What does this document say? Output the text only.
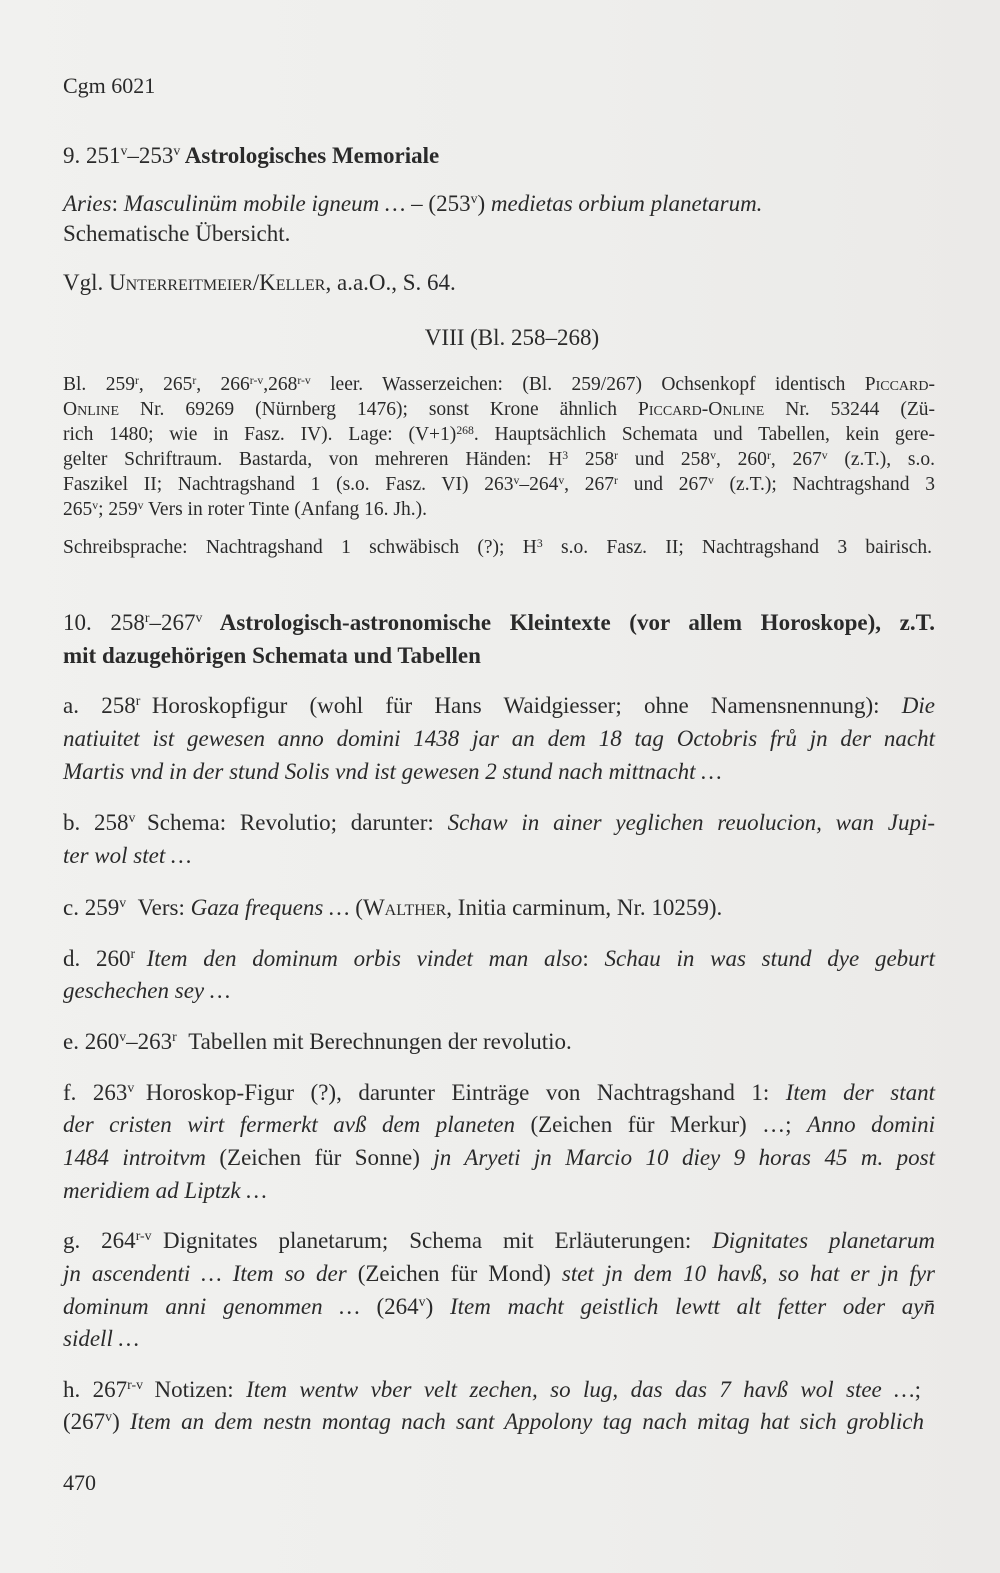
Cgm 6021
9. 251$^v$–253$^v$ Astrologisches Memoriale
Aries: Masculinüm mobile igneum … – (253$^v$) medietas orbium planetarum.
Schematische Übersicht.
Vgl. Unterreitmeier/Keller, a.a.O., S. 64.
VIII (Bl. 258–268)
Bl. 259$^r$, 265$^r$, 266$^{r-v}$,268$^{r-v}$ leer. Wasserzeichen: (Bl. 259/267) Ochsenkopf identisch Piccard-
Online Nr. 69269 (Nürnberg 1476); sonst Krone ähnlich Piccard-Online Nr. 53244 (Zü-
rich 1480; wie in Fasz. IV). Lage: $(V+1)^{268}$. Hauptsächlich Schemata und Tabellen, kein gere-
gelter Schriftraum. Bastarda, von mehreren Händen: $H^3$ 258$^r$ und 258$^v$, 260$^r$, 267$^v$ (z.T.), s.o.
Faszikel II; Nachtragshand 1 (s.o. Fasz. VI) 263$^v$–264$^v$, 267$^r$ und 267$^v$ (z.T.); Nachtragshand 3
265$^v$; 259$^v$ Vers in roter Tinte (Anfang 16. Jh.).
Schreibsprache: Nachtragshand 1 schwäbisch (?); $H^3$ s.o. Fasz. II; Nachtragshand 3 bairisch.
10. 258$^r$–267$^v$ Astrologisch-astronomische Kleintexte (vor allem Horoskope), z.T.
mit dazugehörigen Schemata und Tabellen
a. 258$^r$ Horoskopfigur (wohl für Hans Waidgiesser; ohne Namensnennung): Die
natiuitet ist gewesen anno domini 1438 jar an dem 18 tag Octobris frů jn der nacht
Martis vnd in der stund Solis vnd ist gewesen 2 stund nach mittnacht …
b. 258$^v$ Schema: Revolutio; darunter: Schaw in ainer yeglichen reuolucion, wan Jupi-
ter wol stet …
c. 259$^v$ Vers: Gaza frequens … (Walther, Initia carminum, Nr. 10259).
d. 260$^r$ Item den dominum orbis vindet man also: Schau in was stund dye geburt
geschechen sey …
e. 260$^v$–263$^r$ Tabellen mit Berechnungen der revolutio.
f. 263$^v$ Horoskop-Figur (?), darunter Einträge von Nachtragshand 1: Item der stant
der cristen wirt fermerkt avß dem planeten (Zeichen für Merkur) …; Anno domini
1484 introitvm (Zeichen für Sonne) jn Aryeti jn Marcio 10 diey 9 horas 45 m. post
meridiem ad Liptzk …
g. 264$^{r-v}$ Dignitates planetarum; Schema mit Erläuterungen: Dignitates planetarum
jn ascendenti … Item so der (Zeichen für Mond) stet jn dem 10 havß, so hat er jn fyr
dominum anni genommen … (264$^v$) Item macht geistlich lewtt alt fetter oder ayn̄
sidell …
h. 267$^{r-v}$ Notizen: Item wentw vber velt zechen, so lug, das das 7 havß wol stee …;
(267$^v$) Item an dem nestn montag nach sant Appolony tag nach mitag hat sich groblich
470
